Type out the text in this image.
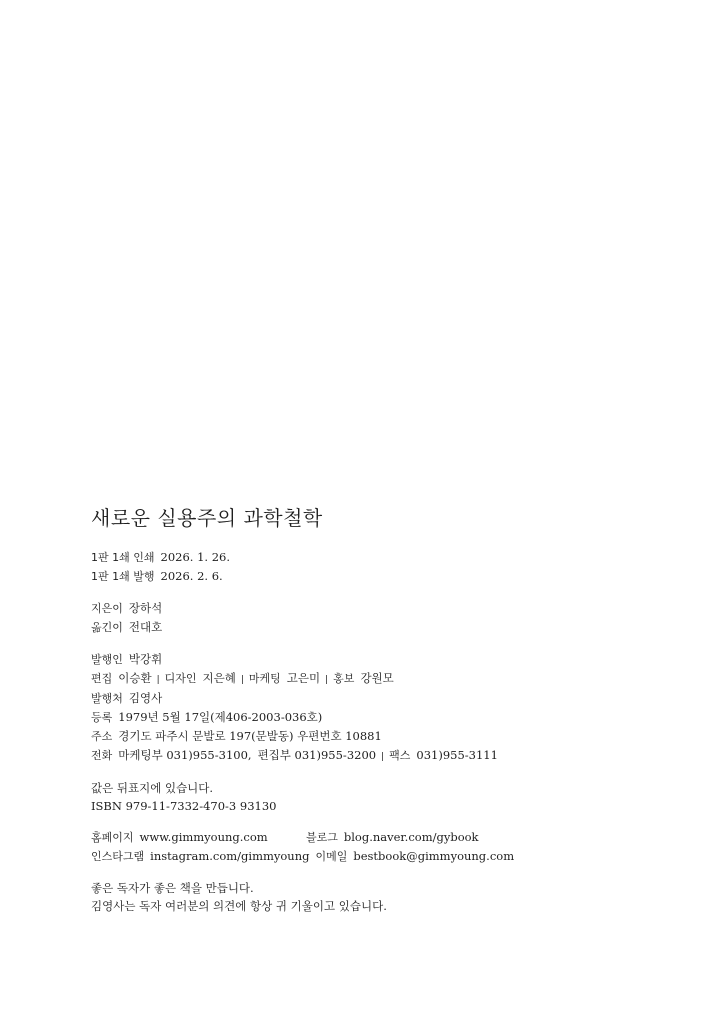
새로운 실용주의 과학철학
1판 1쇄 인쇄 2026. 1. 26.
1판 1쇄 발행 2026. 2. 6.
지은이 장하석
옮긴이 전대호
발행인 박강휘
편집 이승환 | 디자인 지은혜 | 마케팅 고은미 | 홍보 강원모
발행처 김영사
등록 1979년 5월 17일(제406-2003-036호)
주소 경기도 파주시 문발로 197(문발동) 우편번호 10881
전화 마케팅부 031)955-3100, 편집부 031)955-3200 | 팩스 031)955-3111
값은 뒤표지에 있습니다.
ISBN 979-11-7332-470-3 93130
홈페이지 www.gimmyoung.com	블로그 blog.naver.com/gybook
인스타그램 instagram.com/gimmyoung 이메일 bestbook@gimmyoung.com
좋은 독자가 좋은 책을 만듭니다.
김영사는 독자 여러분의 의견에 항상 귀 기울이고 있습니다.
